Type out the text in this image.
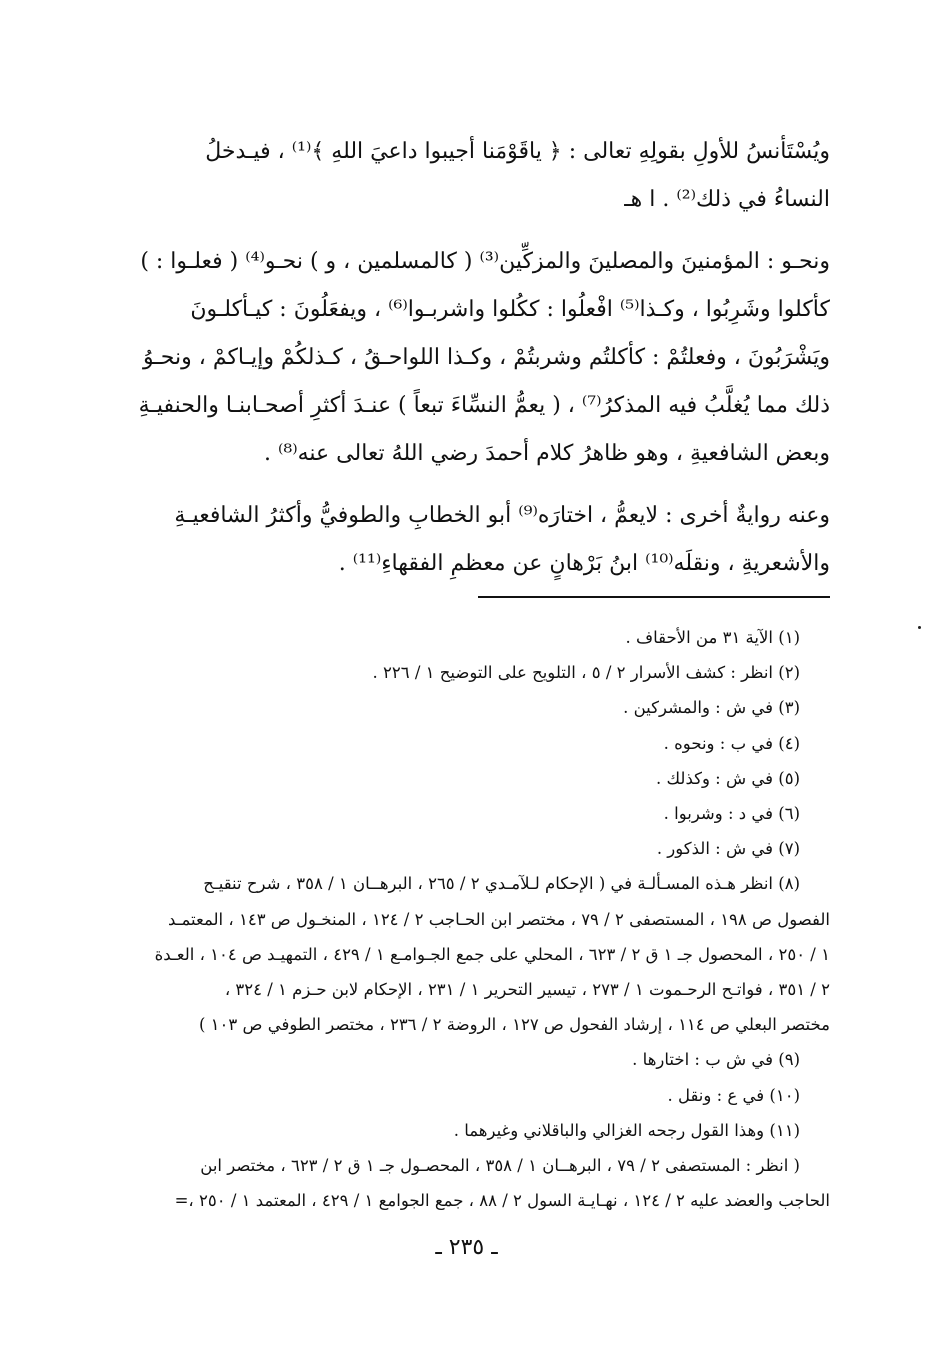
ويُسْتَأنسُ للأولِ بقولِهِ تعالى : ﴿ ياقَوْمَنا أجيبوا داعيَ اللهِ ﴾⁽¹⁾ ، فيـدخلُ

النساءُ في ذلك⁽²⁾ . ا هـ

ونحـو : المؤمنينَ والمصلينَ والمزكِّين⁽³⁾ ( كالمسلمين ، و ) نحـو⁽⁴⁾ ( فعلـوا : )

كأكلوا وشَرِبُوا ، وكـذا⁽⁵⁾ افْعلُوا : ككُلوا واشربـوا⁽⁶⁾ ، ويفعَلُونَ : كيـأكلـونَ

ويَشْرَبُونَ ، وفعلتُمْ : كأكلتُم وشربتُمْ ، وكـذا اللواحـقُ ، كـذلكُمْ وإيـاكمْ ، ونحـوُ

ذلك مما يُغلَّبُ فيه المذكرُ⁽⁷⁾ ، ( يعمُّ النسِّاءَ تبعاً ) عنـدَ أكثرِ أصحـابنـا والحنفيـةِ

وبعض الشافعيةِ ، وهو ظاهرُ كلام أحمدَ رضي اللهُ تعالى عنه⁽⁸⁾ .

وعنه روايةٌ أخرى : لايعمُّ ، اختارَه⁽⁹⁾ أبو الخطابِ والطوفيُّ وأكثرُ الشافعيـةِ

والأشعريةِ ، ونقلَه⁽¹⁰⁾ ابنُ بَرْهانٍ عن معظمِ الفقهاءِ⁽¹¹⁾ .

(١) الآية ٣١ من الأحقاف .

(٢) انظر : كشف الأسرار ٢ / ٥ ، التلويح على التوضيح ١ / ٢٢٦ .

(٣) في ش : والمشركين .

(٤) في ب : ونحوه .

(٥) في ش : وكذلك .

(٦) في د : وشربوا .

(٧) في ش : الذكور .

(٨) انظر هـذه المسـألـة في ( الإحكام لـلآمـدي ٢ / ٢٦٥ ، البرهــان ١ / ٣٥٨ ، شرح تنقيـح

الفصول ص ١٩٨ ، المستصفى ٢ / ٧٩ ، مختصر ابن الحـاجب ٢ / ١٢٤ ، المنخـول ص ١٤٣ ، المعتمـد

١ / ٢٥٠ ، المحصول جـ ١ ق ٢ / ٦٢٣ ، المحلي على جمع الجـوامـع ١ / ٤٢٩ ، التمهيـد ص ١٠٤ ، العـدة

٢ / ٣٥١ ، فواتـح الرحـموت ١ / ٢٧٣ ، تيسير التحرير ١ / ٢٣١ ، الإحكام لابن حـزم ١ / ٣٢٤ ،

مختصر البعلي ص ١١٤ ، إرشاد الفحول ص ١٢٧ ، الروضة ٢ / ٢٣٦ ، مختصر الطوفي ص ١٠٣ )

(٩) في ش ب : اختارها .

(١٠) في ع : ونقل .

(١١) وهذا القول رجحه الغزالي والباقلاني وغيرهما .

( انظر : المستصفى ٢ / ٧٩ ، البرهــان ١ / ٣٥٨ ، المحصـول جـ ١ ق ٢ / ٦٢٣ ، مختصر ابن

الحاجب والعضد عليه ٢ / ١٢٤ ، نهـايـة السول ٢ / ٨٨ ، جمع الجوامع ١ / ٤٢٩ ، المعتمد ١ / ٢٥٠ ،=

ـ ٢٣٥ ـ
